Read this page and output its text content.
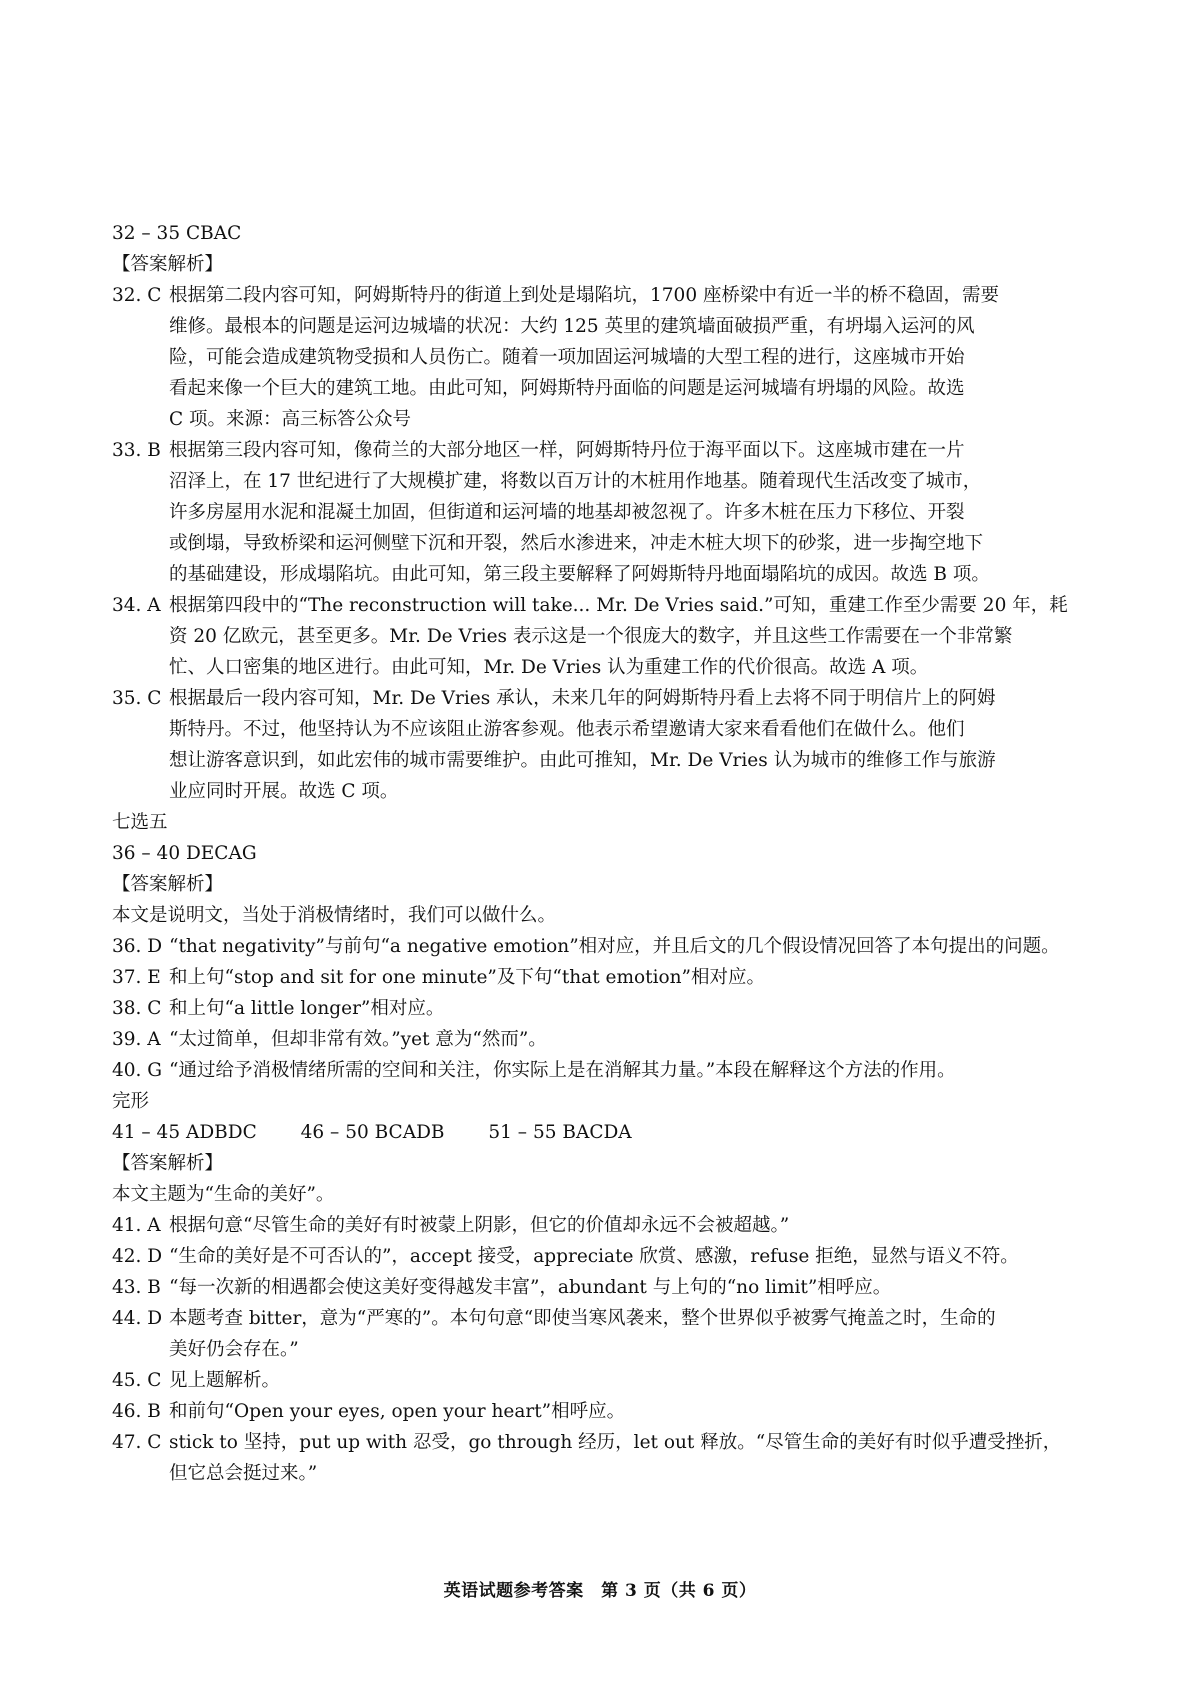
32 – 35 CBAC
【答案解析】
32. C 根据第二段内容可知，阿姆斯特丹的街道上到处是塌陷坑，1700 座桥梁中有近一半的桥不稳固，需要

维修。最根本的问题是运河边城墙的状况：大约 125 英里的建筑墙面破损严重，有坍塌入运河的风

险，可能会造成建筑物受损和人员伤亡。随着一项加固运河城墙的大型工程的进行，这座城市开始

看起来像一个巨大的建筑工地。由此可知，阿姆斯特丹面临的问题是运河城墙有坍塌的风险。故选

C 项。来源：高三标答公众号

33. B 根据第三段内容可知，像荷兰的大部分地区一样，阿姆斯特丹位于海平面以下。这座城市建在一片

沼泽上，在 17 世纪进行了大规模扩建，将数以百万计的木桩用作地基。随着现代生活改变了城市，

许多房屋用水泥和混凝土加固，但街道和运河墙的地基却被忽视了。许多木桩在压力下移位、开裂

或倒塌，导致桥梁和运河侧壁下沉和开裂，然后水渗进来，冲走木桩大坝下的砂浆，进一步掏空地下

的基础建设，形成塌陷坑。由此可知，第三段主要解释了阿姆斯特丹地面塌陷坑的成因。故选 B 项。

34. A 根据第四段中的“The reconstruction will take... Mr. De Vries said.”可知，重建工作至少需要 20 年，耗

资 20 亿欧元，甚至更多。Mr. De Vries 表示这是一个很庞大的数字，并且这些工作需要在一个非常繁

忙、人口密集的地区进行。由此可知，Mr. De Vries 认为重建工作的代价很高。故选 A 项。

35. C 根据最后一段内容可知，Mr. De Vries 承认，未来几年的阿姆斯特丹看上去将不同于明信片上的阿姆

斯特丹。不过，他坚持认为不应该阻止游客参观。他表示希望邀请大家来看看他们在做什么。他们

想让游客意识到，如此宏伟的城市需要维护。由此可推知，Mr. De Vries 认为城市的维修工作与旅游

业应同时开展。故选 C 项。

七选五
36 – 40 DECAG
【答案解析】
本文是说明文，当处于消极情绪时，我们可以做什么。
36. D “that negativity”与前句“a negative emotion”相对应，并且后文的几个假设情况回答了本句提出的问题。

37. E 和上句“stop and sit for one minute”及下句“that emotion”相对应。

38. C 和上句“a little longer”相对应。

39. A “太过简单，但却非常有效。”yet 意为“然而”。

40. G “通过给予消极情绪所需的空间和关注，你实际上是在消解其力量。”本段在解释这个方法的作用。

完形
41 – 45 ADBDC 46 – 50 BCADB 51 – 55 BACDA
【答案解析】
本文主题为“生命的美好”。
41. A 根据句意“尽管生命的美好有时被蒙上阴影，但它的价值却永远不会被超越。”

42. D “生命的美好是不可否认的”，accept 接受，appreciate 欣赏、感激，refuse 拒绝，显然与语义不符。

43. B “每一次新的相遇都会使这美好变得越发丰富”，abundant 与上句的“no limit”相呼应。

44. D 本题考查 bitter，意为“严寒的”。本句句意“即使当寒风袭来，整个世界似乎被雾气掩盖之时，生命的

美好仍会存在。”

45. C 见上题解析。

46. B 和前句“Open your eyes, open your heart”相呼应。

47. C stick to 坚持，put up with 忍受，go through 经历，let out 释放。“尽管生命的美好有时似乎遭受挫折，

但它总会挺过来。”

英语试题参考答案　第 3 页（共 6 页）
